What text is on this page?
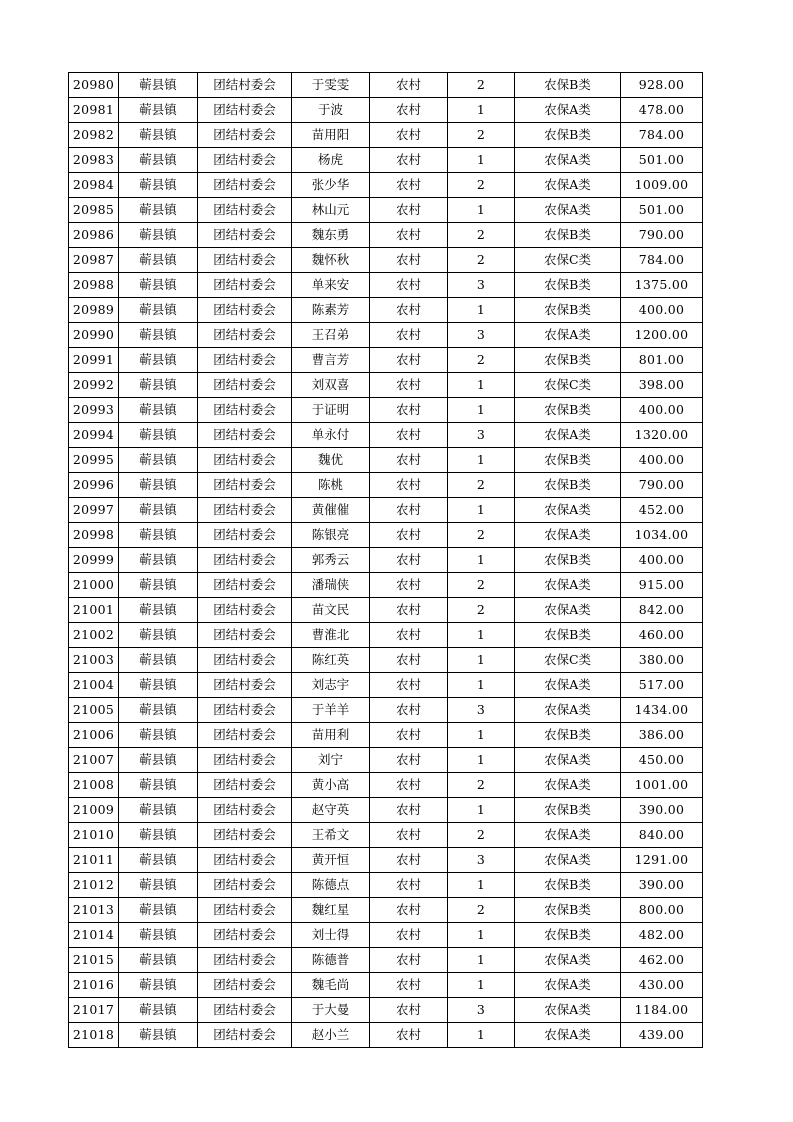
20980	蕲县镇	团结村委会	于雯雯	农村	2	农保B类	928.00
20981	蕲县镇	团结村委会	于波	农村	1	农保A类	478.00
20982	蕲县镇	团结村委会	苗用阳	农村	2	农保B类	784.00
20983	蕲县镇	团结村委会	杨虎	农村	1	农保A类	501.00
20984	蕲县镇	团结村委会	张少华	农村	2	农保A类	1009.00
20985	蕲县镇	团结村委会	林山元	农村	1	农保A类	501.00
20986	蕲县镇	团结村委会	魏东勇	农村	2	农保B类	790.00
20987	蕲县镇	团结村委会	魏怀秋	农村	2	农保C类	784.00
20988	蕲县镇	团结村委会	单来安	农村	3	农保B类	1375.00
20989	蕲县镇	团结村委会	陈素芳	农村	1	农保B类	400.00
20990	蕲县镇	团结村委会	王召弟	农村	3	农保A类	1200.00
20991	蕲县镇	团结村委会	曹言芳	农村	2	农保B类	801.00
20992	蕲县镇	团结村委会	刘双喜	农村	1	农保C类	398.00
20993	蕲县镇	团结村委会	于证明	农村	1	农保B类	400.00
20994	蕲县镇	团结村委会	单永付	农村	3	农保A类	1320.00
20995	蕲县镇	团结村委会	魏优	农村	1	农保B类	400.00
20996	蕲县镇	团结村委会	陈桃	农村	2	农保B类	790.00
20997	蕲县镇	团结村委会	黄催催	农村	1	农保A类	452.00
20998	蕲县镇	团结村委会	陈银亮	农村	2	农保A类	1034.00
20999	蕲县镇	团结村委会	郭秀云	农村	1	农保B类	400.00
21000	蕲县镇	团结村委会	潘瑞侠	农村	2	农保A类	915.00
21001	蕲县镇	团结村委会	苗文民	农村	2	农保A类	842.00
21002	蕲县镇	团结村委会	曹淮北	农村	1	农保B类	460.00
21003	蕲县镇	团结村委会	陈红英	农村	1	农保C类	380.00
21004	蕲县镇	团结村委会	刘志宇	农村	1	农保A类	517.00
21005	蕲县镇	团结村委会	于羊羊	农村	3	农保A类	1434.00
21006	蕲县镇	团结村委会	苗用利	农村	1	农保B类	386.00
21007	蕲县镇	团结村委会	刘宁	农村	1	农保A类	450.00
21008	蕲县镇	团结村委会	黄小高	农村	2	农保A类	1001.00
21009	蕲县镇	团结村委会	赵守英	农村	1	农保B类	390.00
21010	蕲县镇	团结村委会	王希文	农村	2	农保A类	840.00
21011	蕲县镇	团结村委会	黄开恒	农村	3	农保A类	1291.00
21012	蕲县镇	团结村委会	陈德点	农村	1	农保B类	390.00
21013	蕲县镇	团结村委会	魏红星	农村	2	农保B类	800.00
21014	蕲县镇	团结村委会	刘士得	农村	1	农保B类	482.00
21015	蕲县镇	团结村委会	陈德普	农村	1	农保A类	462.00
21016	蕲县镇	团结村委会	魏毛尚	农村	1	农保A类	430.00
21017	蕲县镇	团结村委会	于大曼	农村	3	农保A类	1184.00
21018	蕲县镇	团结村委会	赵小兰	农村	1	农保A类	439.00
